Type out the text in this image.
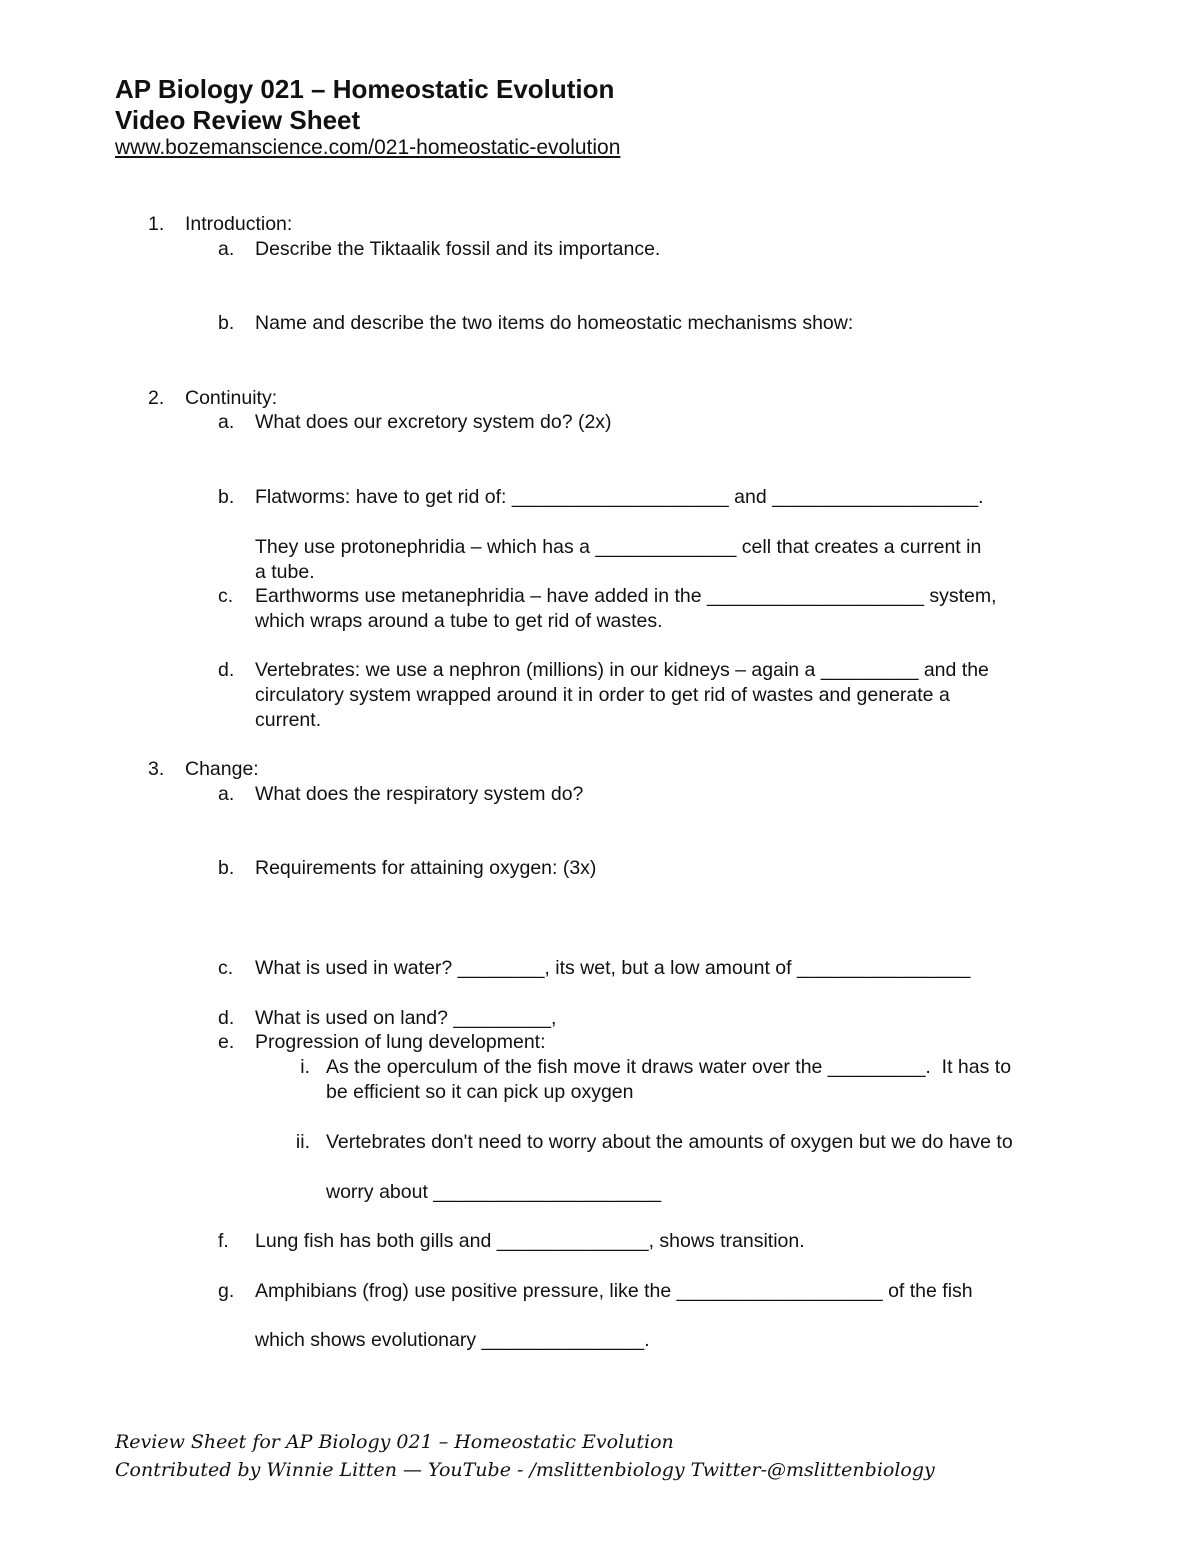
AP Biology 021 – Homeostatic Evolution
Video Review Sheet
www.bozemanscience.com/021-homeostatic-evolution
1.	Introduction:
a.	Describe the Tiktaalik fossil and its importance.
b.	Name and describe the two items do homeostatic mechanisms show:
2.	Continuity:
a.	What does our excretory system do? (2x)
b.	Flatworms: have to get rid of: ____________________ and ___________________.
They use protonephridia – which has a _____________ cell that creates a current in
a tube.
c.	Earthworms use metanephridia – have added in the ____________________ system,
which wraps around a tube to get rid of wastes.
d.	Vertebrates: we use a nephron (millions) in our kidneys – again a _________ and the
circulatory system wrapped around it in order to get rid of wastes and generate a
current.
3.	Change:
a.	What does the respiratory system do?
b.	Requirements for attaining oxygen: (3x)
c.	What is used in water? ________, its wet, but a low amount of ________________
d.	What is used on land? _________,
e.	Progression of lung development:
i. As the operculum of the fish move it draws water over the _________.  It has to
be efficient so it can pick up oxygen
ii. Vertebrates don't need to worry about the amounts of oxygen but we do have to
worry about _____________________
f.	Lung fish has both gills and ______________, shows transition.
g.	Amphibians (frog) use positive pressure, like the ___________________ of the fish
which shows evolutionary _______________.
Review Sheet for AP Biology 021 – Homeostatic Evolution
Contributed by Winnie Litten — YouTube - /mslittenbiology Twitter-@mslittenbiology
